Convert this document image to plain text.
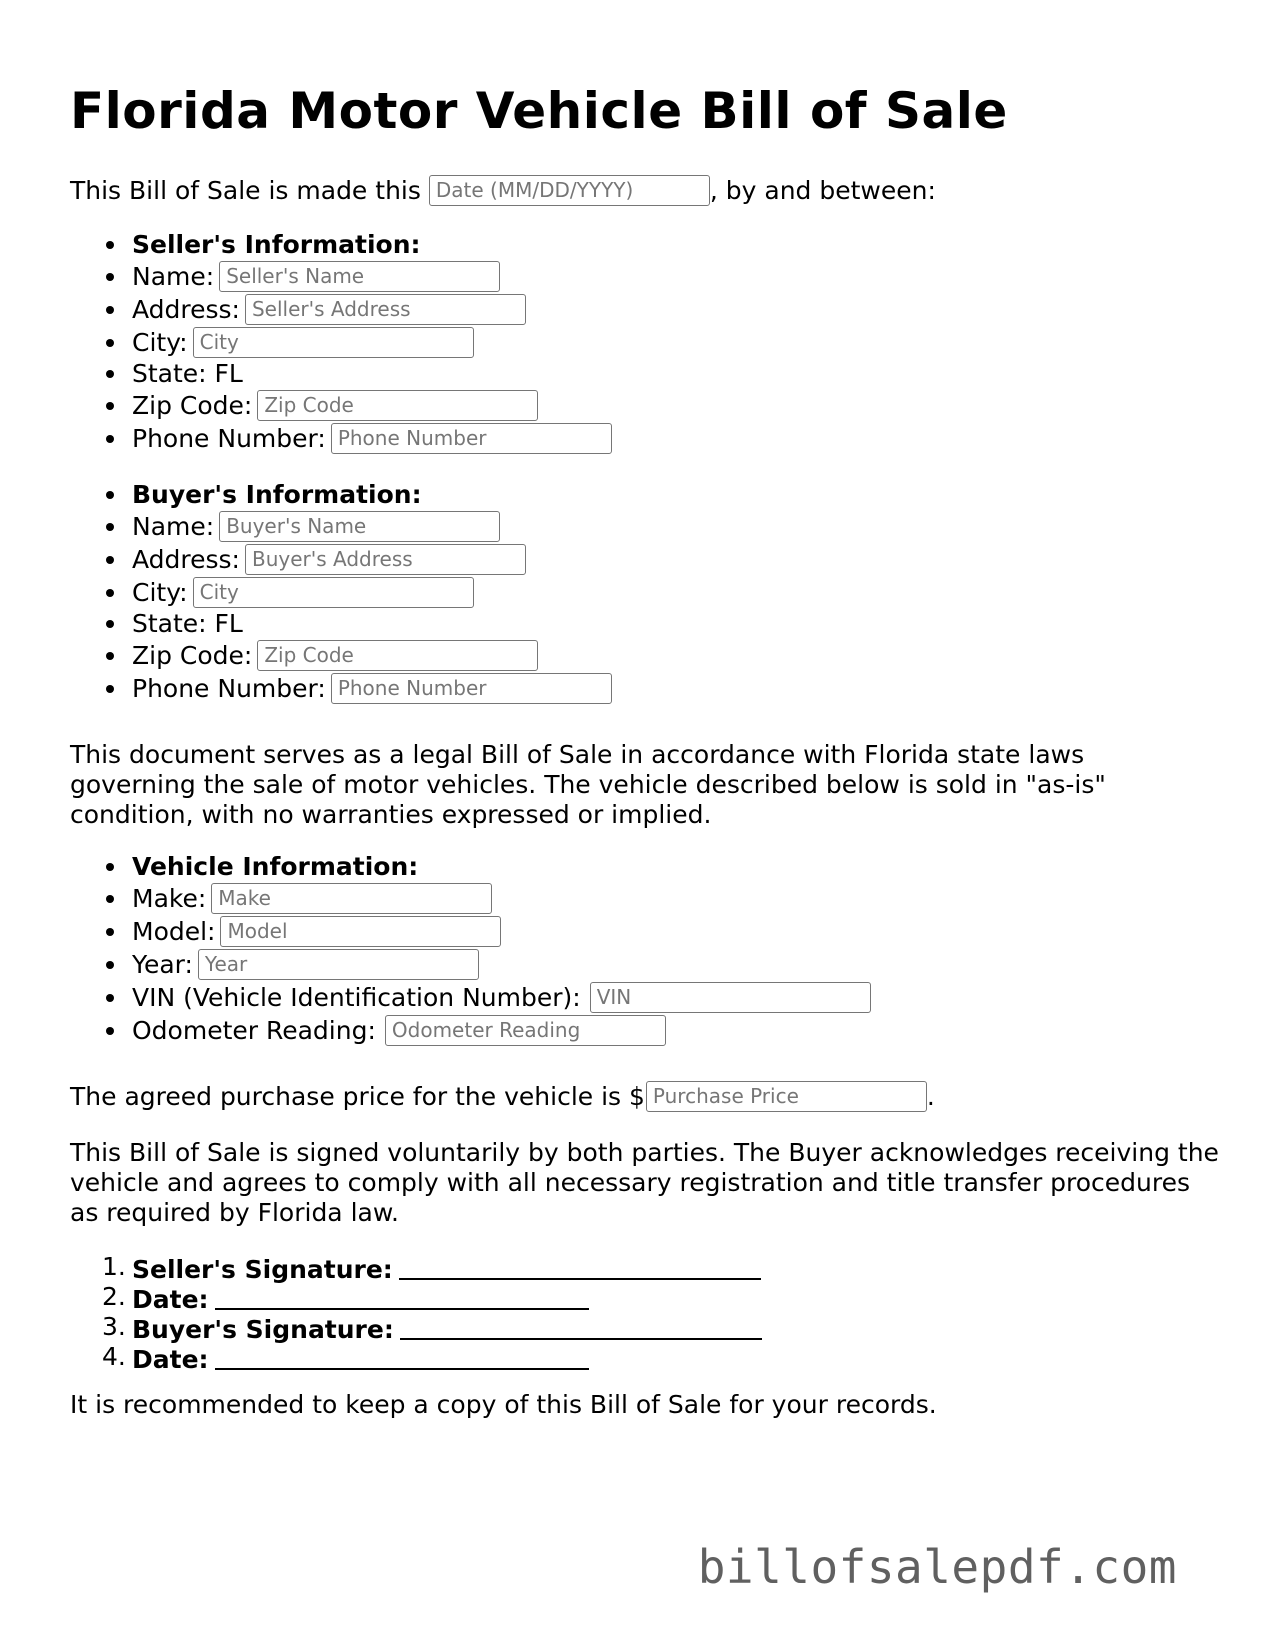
Florida Motor Vehicle Bill of Sale
This Bill of Sale is made thisDate (MM/DD/YYYY)	, by and between:
Seller's Information:
Name:Seller's Name
Address:Seller's Address
City:City
State: FL
Zip Code:Zip Code
Phone Number:Phone Number
Buyer's Information:
Name:Buyer's Name
Address:Buyer's Address
City:City
State: FL
Zip Code:Zip Code
Phone Number:Phone Number
This document serves as a legal Bill of Sale in accordance with Florida state laws governing the sale of motor vehicles. The vehicle described below is sold in "as-is" condition, with no warranties expressed or implied.
Vehicle Information:
Make:Make
Model:Model
Year:Year
VIN (Vehicle Identification Number):VIN
Odometer Reading:Odometer Reading
The agreed purchase price for the vehicle is $Purchase Price	.
This Bill of Sale is signed voluntarily by both parties. The Buyer acknowledges receiving the vehicle and agrees to comply with all necessary registration and title transfer procedures as required by Florida law.
1. Seller's Signature:
2. Date:
3. Buyer's Signature:
4. Date:
It is recommended to keep a copy of this Bill of Sale for your records.
billofsalepdf.com
